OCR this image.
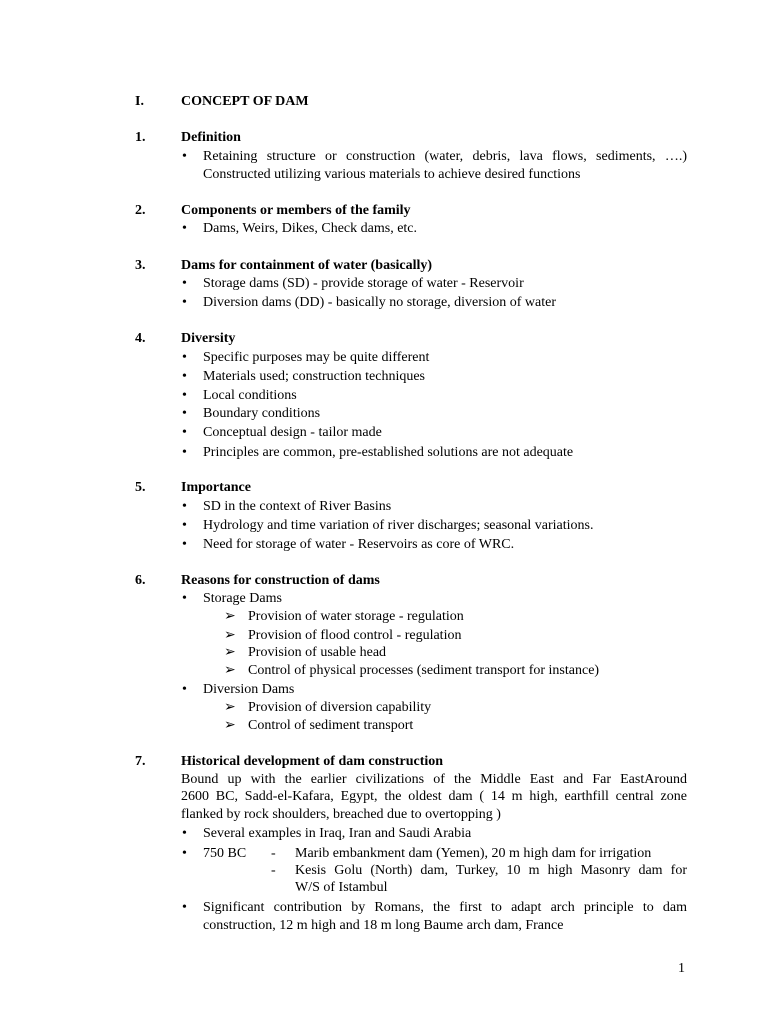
I.	CONCEPT OF DAM
1.	Definition
• Retaining structure or construction (water, debris, lava flows, sediments, ….)
Constructed utilizing various materials to achieve desired functions
2.	Components or members of the family
• Dams, Weirs, Dikes, Check dams, etc.
3.	Dams for containment of water (basically)
• Storage dams (SD) - provide storage of water - Reservoir
• Diversion dams (DD) - basically no storage, diversion of water
4.	Diversity
• Specific purposes may be quite different
• Materials used; construction techniques
• Local conditions
• Boundary conditions
• Conceptual design - tailor made
• Principles are common, pre-established solutions are not adequate
5.	Importance
• SD in the context of River Basins
• Hydrology and time variation of river discharges; seasonal variations.
• Need for storage of water - Reservoirs as core of WRC.
6.	Reasons for construction of dams
• Storage Dams
➢ Provision of water storage - regulation
➢ Provision of flood control - regulation
➢ Provision of usable head
➢ Control of physical processes (sediment transport for instance)
• Diversion Dams
➢ Provision of diversion capability
➢ Control of sediment transport
7.	Historical development of dam construction
Bound up with the earlier civilizations of the Middle East and Far EastAround
2600 BC, Sadd-el-Kafara, Egypt, the oldest dam ( 14 m high, earthfill central zone
flanked by rock shoulders, breached due to overtopping )
• Several examples in Iraq, Iran and Saudi Arabia
• 750 BC - Marib embankment dam (Yemen), 20 m high dam for irrigation
- Kesis Golu (North) dam, Turkey, 10 m high Masonry dam for
W/S of Istambul
• Significant contribution by Romans, the first to adapt arch principle to dam
construction, 12 m high and 18 m long Baume arch dam, France
1
